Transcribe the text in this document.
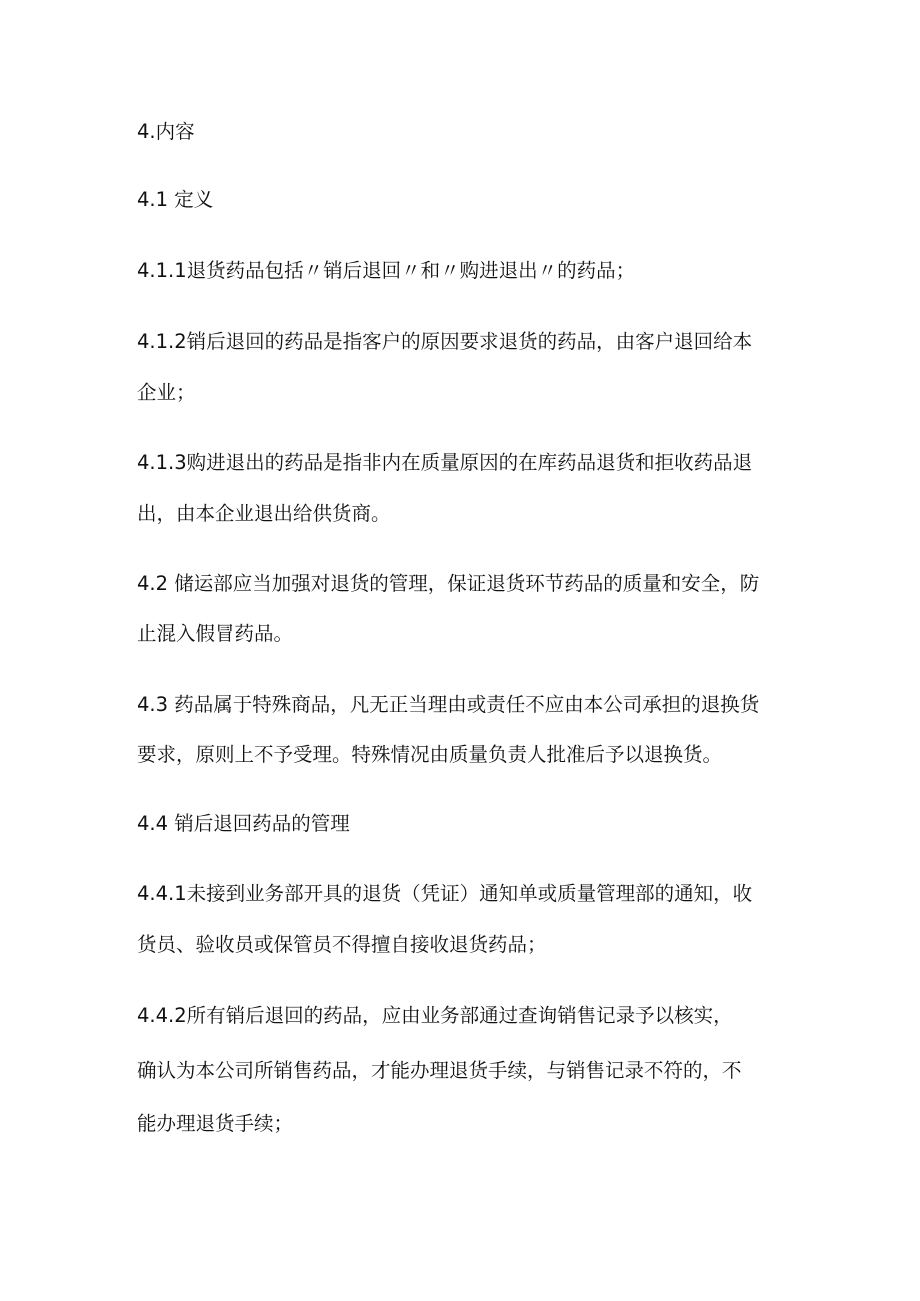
4.内容
4.1 定义
4.1.1退货药品包括〃销后退回〃和〃购进退出〃的药品；
4.1.2销后退回的药品是指客户的原因要求退货的药品，由客户退回给本
企业；
4.1.3购进退出的药品是指非内在质量原因的在库药品退货和拒收药品退
出，由本企业退出给供货商。
4.2 储运部应当加强对退货的管理，保证退货环节药品的质量和安全，防
止混入假冒药品。
4.3 药品属于特殊商品，凡无正当理由或责任不应由本公司承担的退换货
要求，原则上不予受理。特殊情况由质量负责人批准后予以退换货。
4.4 销后退回药品的管理
4.4.1未接到业务部开具的退货（凭证）通知单或质量管理部的通知，收
货员、验收员或保管员不得擅自接收退货药品；
4.4.2所有销后退回的药品，应由业务部通过查询销售记录予以核实，
确认为本公司所销售药品，才能办理退货手续，与销售记录不符的，不
能办理退货手续；
